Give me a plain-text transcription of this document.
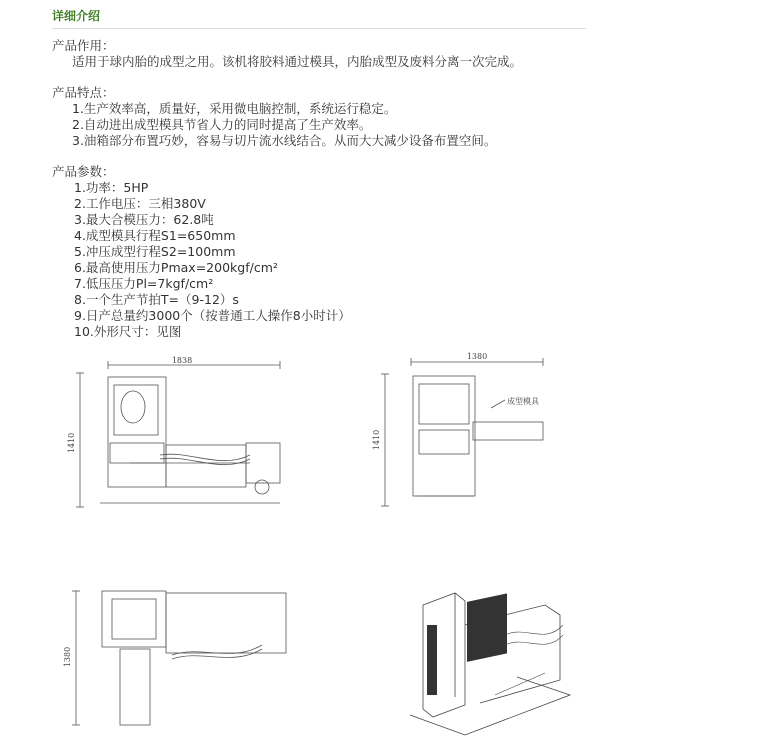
详细介绍
产品作用：
适用于球内胎的成型之用。该机将胶料通过模具，内胎成型及废料分离一次完成。
产品特点：
1.生产效率高，质量好，采用微电脑控制，系统运行稳定。
2.自动进出成型模具节省人力的同时提高了生产效率。
3.油箱部分布置巧妙，容易与切片流水线结合。从而大大减少设备布置空间。
产品参数：
1.功率：5HP
2.工作电压：三相380V
3.最大合模压力：62.8吨
4.成型模具行程S1=650mm
5.冲压成型行程S2=100mm
6.最高使用压力Pmax=200kgf/cm²
7.低压压力Pl=7kgf/cm²
8.一个生产节拍T=（9-12）s
9.日产总量约3000个（按普通工人操作8小时计）
10.外形尺寸：见图
1838
1410
1380
1410
成型模具
1380
